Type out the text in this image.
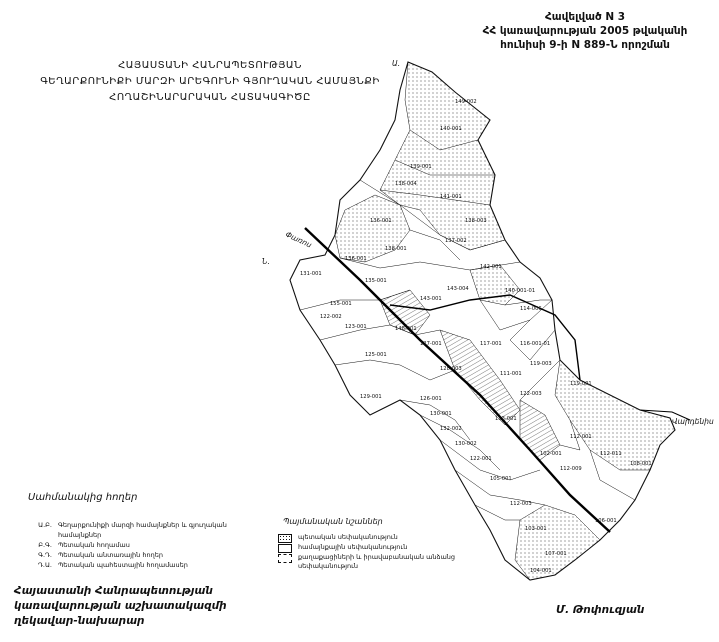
Հավելված N 3
ՀՀ կառավարության 2005 թվականի
հունիսի 9-ի N 889-Ն որոշման
ՀԱՅԱՍՏԱՆԻ ՀԱՆՐԱՊԵՏՈՒԹՅԱՆ
ԳԵՂԱՐՔՈՒՆԻՔԻ ՄԱՐԶԻ ԱՐԵԳՈՒՆԻ ԳՅՈՒՂԱԿԱՆ ՀԱՄԱՅՆՔԻ
ՀՈՂԱՇԻՆԱՐԱՐԱԿԱՆ ՀԱՏԱԿԱԳԻԾԸ
Ա.
Ն.
Փառոս
Վարդենիս
149-002
140-001
139-001
138-004
141-001
136-001	138-003
137-002
138-001
136-001
142-001
135-001
143-004
143-001
155-001
131-001
122-002
123-001
125-001
148-001
127-001
128-003
129-001	126-001
140-001-01
130-001
132-002
130-002
122-001
117-001
114-006
116-001-01
119-003
111-001
119-001
122-003
133-001
112-001
102-001
108-001
105-001
112-011
112-009
112-003
103-001
106-001
107-001
104-001
Սահմանակից հողեր
Ա.Բ. Գեղարքունիքի մարզի համայնքներ և գյուղական համայնքներ
Բ.Գ. Պետական հողամաս
Գ.Դ. Պետական անտառային հողեր
Դ.Ա. Պետական պահեստային հողամասեր
Պայմանական նշաններ
պետական սեփականություն
համայնքային սեփականություն
քաղաքացիների և իրավաբանական անձանց սեփականություն
Հայաստանի Հանրապետության
կառավարության աշխատակազմի
ղեկավար-նախարար
Մ. Թոփուզյան
